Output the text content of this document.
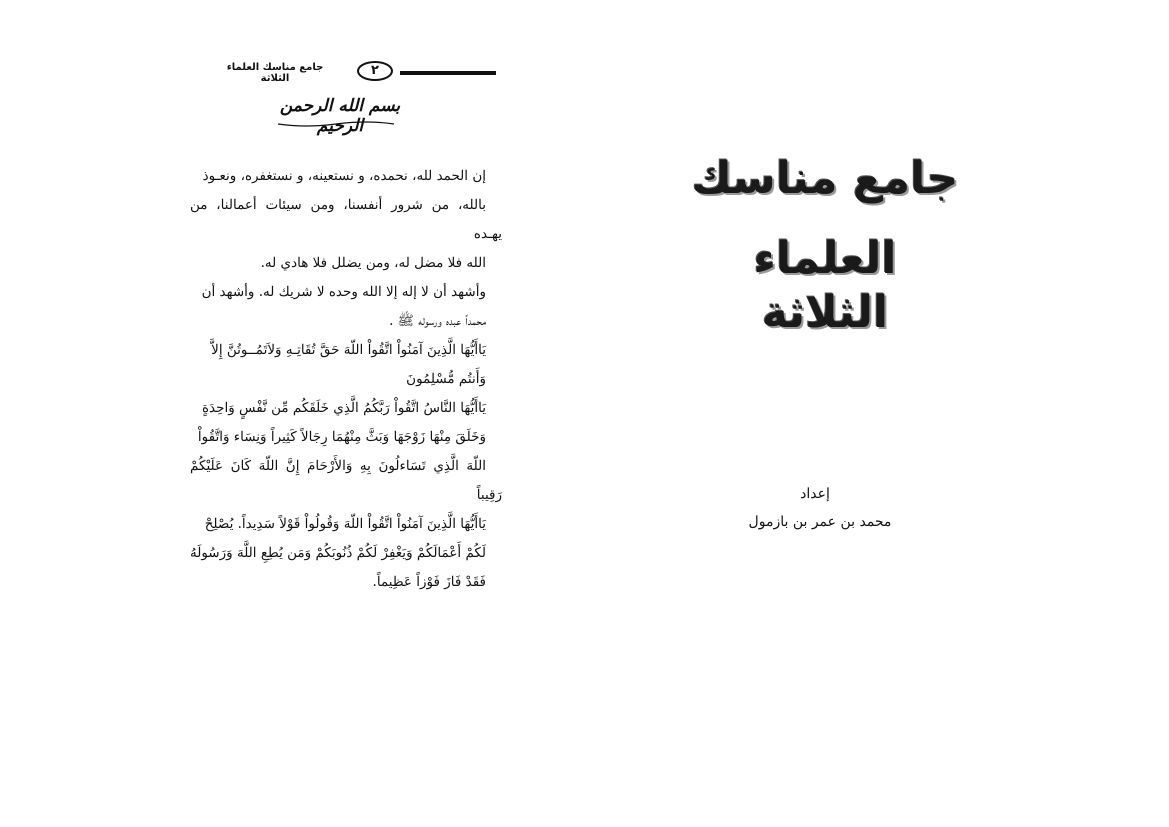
جامع مناسك العلماء الثلاثة
٢
بسم الله الرحمن الرحيم

إن الحمد لله، نحمده، و نستعينه، و نستغفره، ونعـوذ
بالله، من شرور أنفسنا، ومن سيئات أعمالنا، من يهـده
الله فلا مضل له، ومن يضلل فلا هادي له.

وأشهد أن لا إله إلا الله وحده لا شريك له. وأشهد أن
محمداً عبده ورسوله ﷺ .

يَاأَيُّهَا الَّذِينَ آمَنُواْ اتَّقُواْ اللّهَ حَقَّ تُقَاتِـهِ وَلاَتَمُــوتُنَّ إِلاَّ
وَأَنتُم مُّسْلِمُونَ

يَاأَيُّهَا النَّاسُ اتَّقُواْ رَبَّكُمُ الَّذِي خَلَقَكُم مِّن نَّفْسٍ وَاحِدَةٍ
وَخَلَقَ مِنْهَا زَوْجَهَا وَبَثَّ مِنْهُمَا رِجَالاً كَثِيراً وَنِسَاء وَاتَّقُواْ
اللّهَ الَّذِي تَسَاءلُونَ بِهِ وَالأَرْحَامَ إِنَّ اللّهَ كَانَ عَلَيْكُمْ رَقِيباً

يَاأَيُّهَا الَّذِينَ آمَنُواْ اتَّقُواْ اللّهَ وَقُولُواْ قَوْلاً سَدِيداً. يُصْلِحْ
لَكُمْ أَعْمَالَكُمْ وَيَغْفِرْ لَكُمْ ذُنُوبَكُمْ وَمَن يُطِعِ اللَّهَ وَرَسُولَهُ
فَقَدْ فَازَ فَوْزاً عَظِيماً.

جامع مناسك
العلماء الثلاثة
إعداد
محمد بن عمر بن بازمول
